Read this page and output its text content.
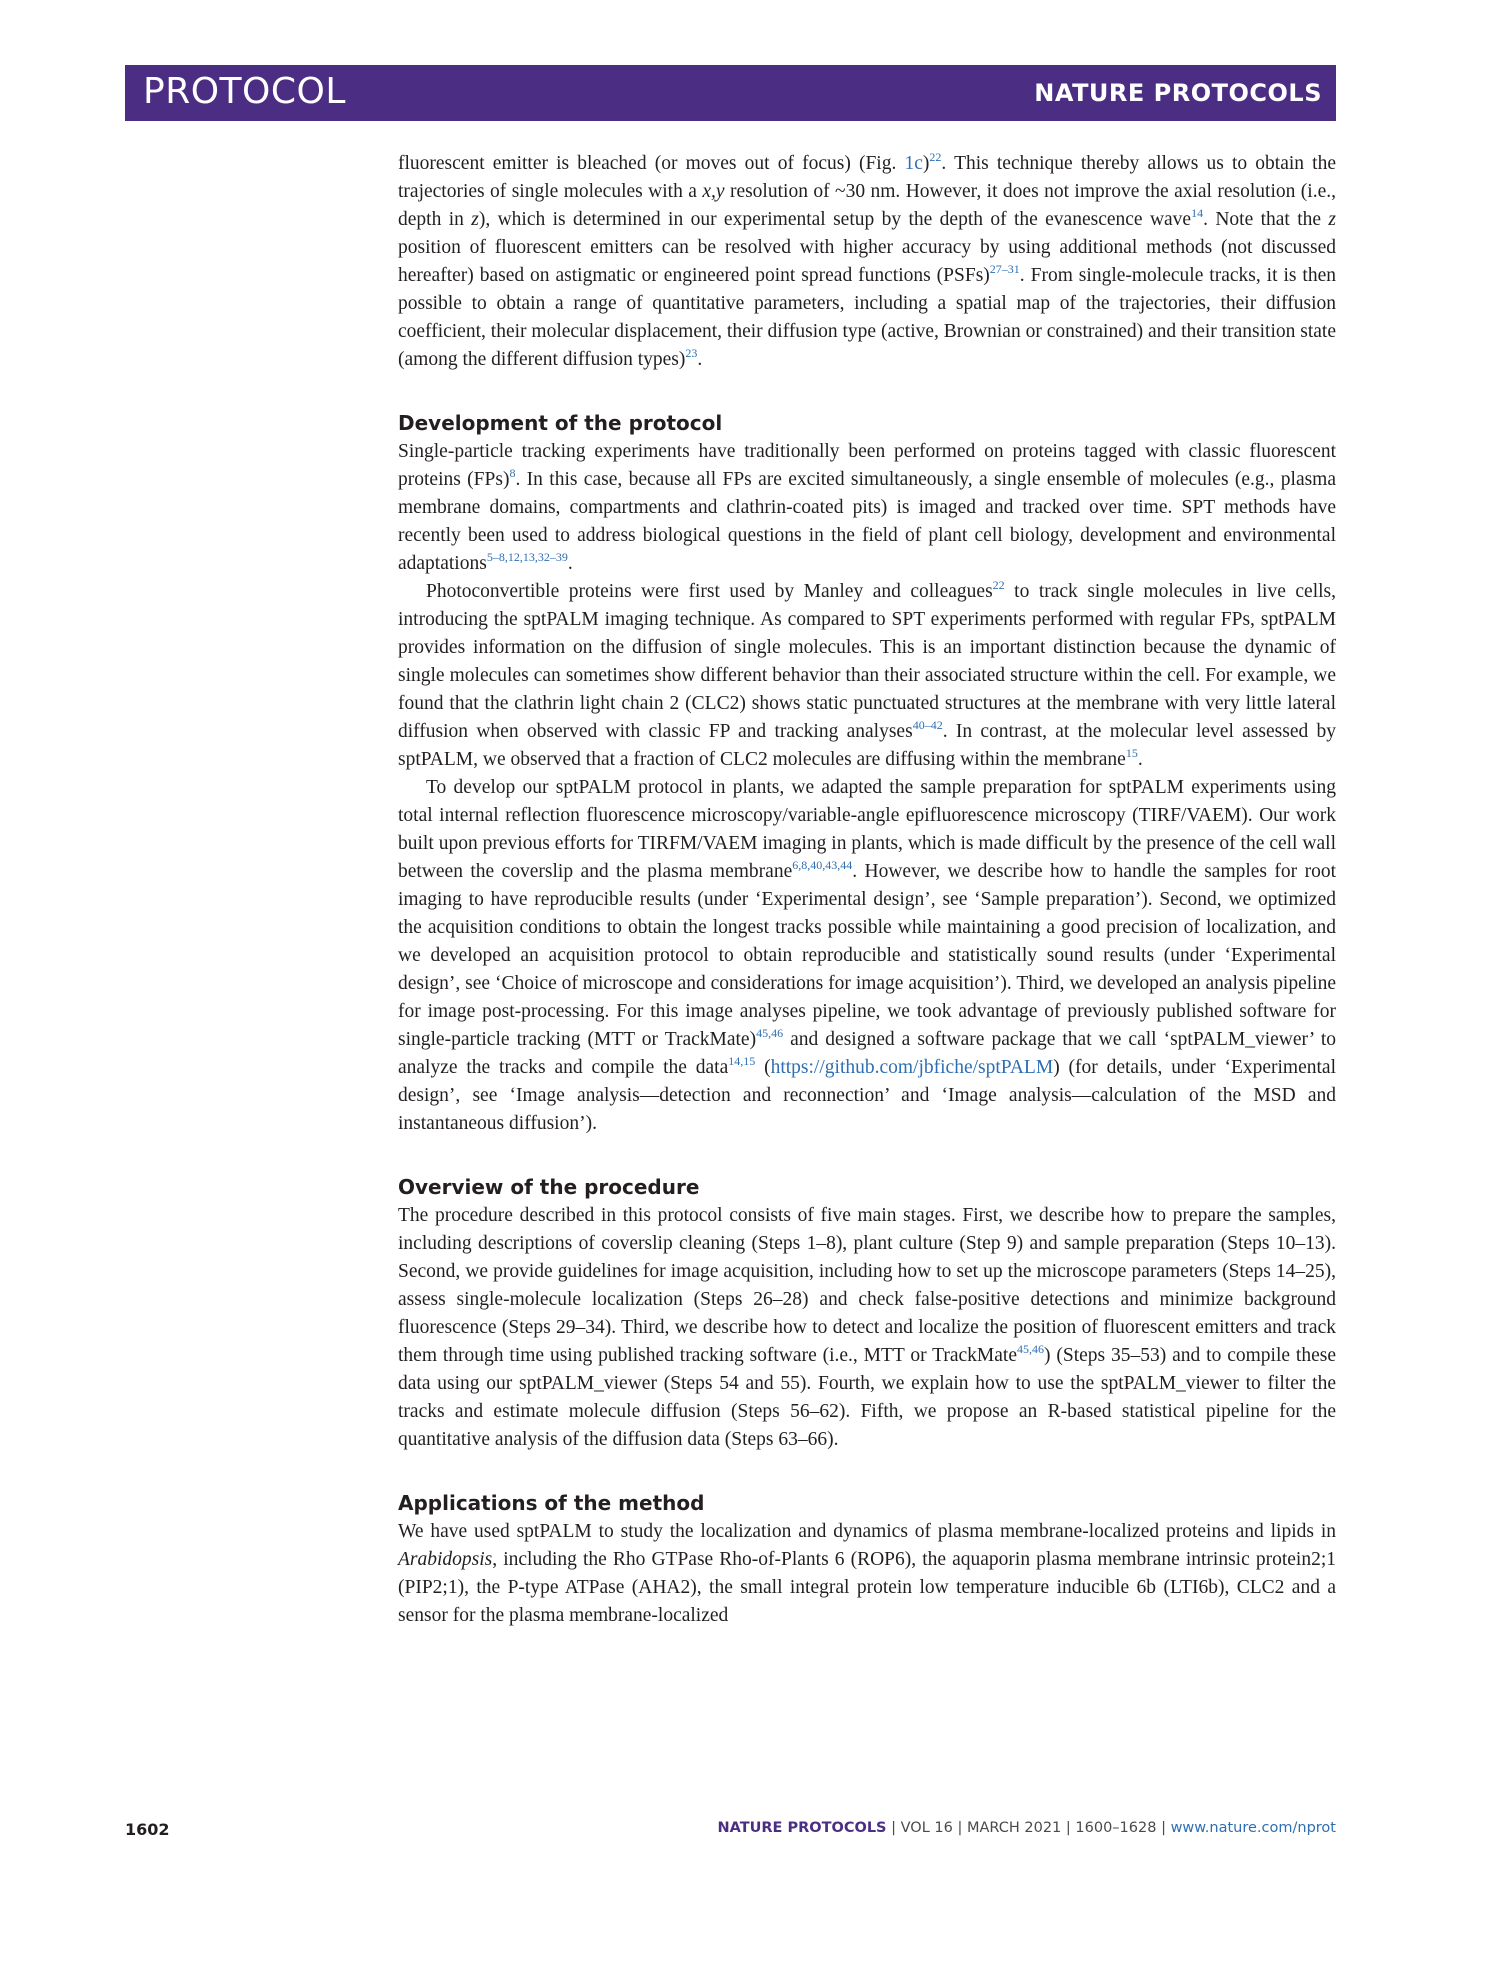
PROTOCOL	NATURE PROTOCOLS

fluorescent emitter is bleached (or moves out of focus) (Fig. 1c)$^{22}$. This technique thereby allows us to obtain the trajectories of single molecules with a x,y resolution of ~30 nm. However, it does not improve the axial resolution (i.e., depth in z), which is determined in our experimental setup by the depth of the evanescence wave$^{14}$. Note that the z position of fluorescent emitters can be resolved with higher accuracy by using additional methods (not discussed hereafter) based on astigmatic or engineered point spread functions (PSFs)$^{27-31}$. From single-molecule tracks, it is then possible to obtain a range of quantitative parameters, including a spatial map of the trajectories, their diffusion coefficient, their molecular displacement, their diffusion type (active, Brownian or constrained) and their transition state (among the different diffusion types)$^{23}$.

Development of the protocol

Single-particle tracking experiments have traditionally been performed on proteins tagged with classic fluorescent proteins (FPs)$^8$. In this case, because all FPs are excited simultaneously, a single ensemble of molecules (e.g., plasma membrane domains, compartments and clathrin-coated pits) is imaged and tracked over time. SPT methods have recently been used to address biological questions in the field of plant cell biology, development and environmental adaptations$^{5-8,12,13,32-39}$.

Photoconvertible proteins were first used by Manley and colleagues$^{22}$ to track single molecules in live cells, introducing the sptPALM imaging technique. As compared to SPT experiments performed with regular FPs, sptPALM provides information on the diffusion of single molecules. This is an important distinction because the dynamic of single molecules can sometimes show different behavior than their associated structure within the cell. For example, we found that the clathrin light chain 2 (CLC2) shows static punctuated structures at the membrane with very little lateral diffusion when observed with classic FP and tracking analyses$^{40-42}$. In contrast, at the molecular level assessed by sptPALM, we observed that a fraction of CLC2 molecules are diffusing within the membrane$^{15}$.

To develop our sptPALM protocol in plants, we adapted the sample preparation for sptPALM experiments using total internal reflection fluorescence microscopy/variable-angle epifluorescence microscopy (TIRF/VAEM). Our work built upon previous efforts for TIRFM/VAEM imaging in plants, which is made difficult by the presence of the cell wall between the coverslip and the plasma membrane$^{6,8,40,43,44}$. However, we describe how to handle the samples for root imaging to have reproducible results (under ‘Experimental design’, see ‘Sample preparation’). Second, we optimized the acquisition conditions to obtain the longest tracks possible while maintaining a good precision of localization, and we developed an acquisition protocol to obtain reproducible and statistically sound results (under ‘Experimental design’, see ‘Choice of microscope and considerations for image acquisition’). Third, we developed an analysis pipeline for image post-processing. For this image analyses pipeline, we took advantage of previously published software for single-particle tracking (MTT or TrackMate)$^{45,46}$ and designed a software package that we call ‘sptPALM_viewer’ to analyze the tracks and compile the data$^{14,15}$ (https://github.com/jbfiche/sptPALM) (for details, under ‘Experimental design’, see ‘Image analysis—detection and reconnection’ and ‘Image analysis—calculation of the MSD and instantaneous diffusion’).

Overview of the procedure

The procedure described in this protocol consists of five main stages. First, we describe how to prepare the samples, including descriptions of coverslip cleaning (Steps 1–8), plant culture (Step 9) and sample preparation (Steps 10–13). Second, we provide guidelines for image acquisition, including how to set up the microscope parameters (Steps 14–25), assess single-molecule localization (Steps 26–28) and check false-positive detections and minimize background fluorescence (Steps 29–34). Third, we describe how to detect and localize the position of fluorescent emitters and track them through time using published tracking software (i.e., MTT or TrackMate$^{45,46}$) (Steps 35–53) and to compile these data using our sptPALM_viewer (Steps 54 and 55). Fourth, we explain how to use the sptPALM_viewer to filter the tracks and estimate molecule diffusion (Steps 56–62). Fifth, we propose an R-based statistical pipeline for the quantitative analysis of the diffusion data (Steps 63–66).

Applications of the method

We have used sptPALM to study the localization and dynamics of plasma membrane-localized proteins and lipids in Arabidopsis, including the Rho GTPase Rho-of-Plants 6 (ROP6), the aquaporin plasma membrane intrinsic protein2;1 (PIP2;1), the P-type ATPase (AHA2), the small integral protein low temperature inducible 6b (LTI6b), CLC2 and a sensor for the plasma membrane-localized

1602	NATURE PROTOCOLS | VOL 16 | MARCH 2021 | 1600–1628 | www.nature.com/nprot
